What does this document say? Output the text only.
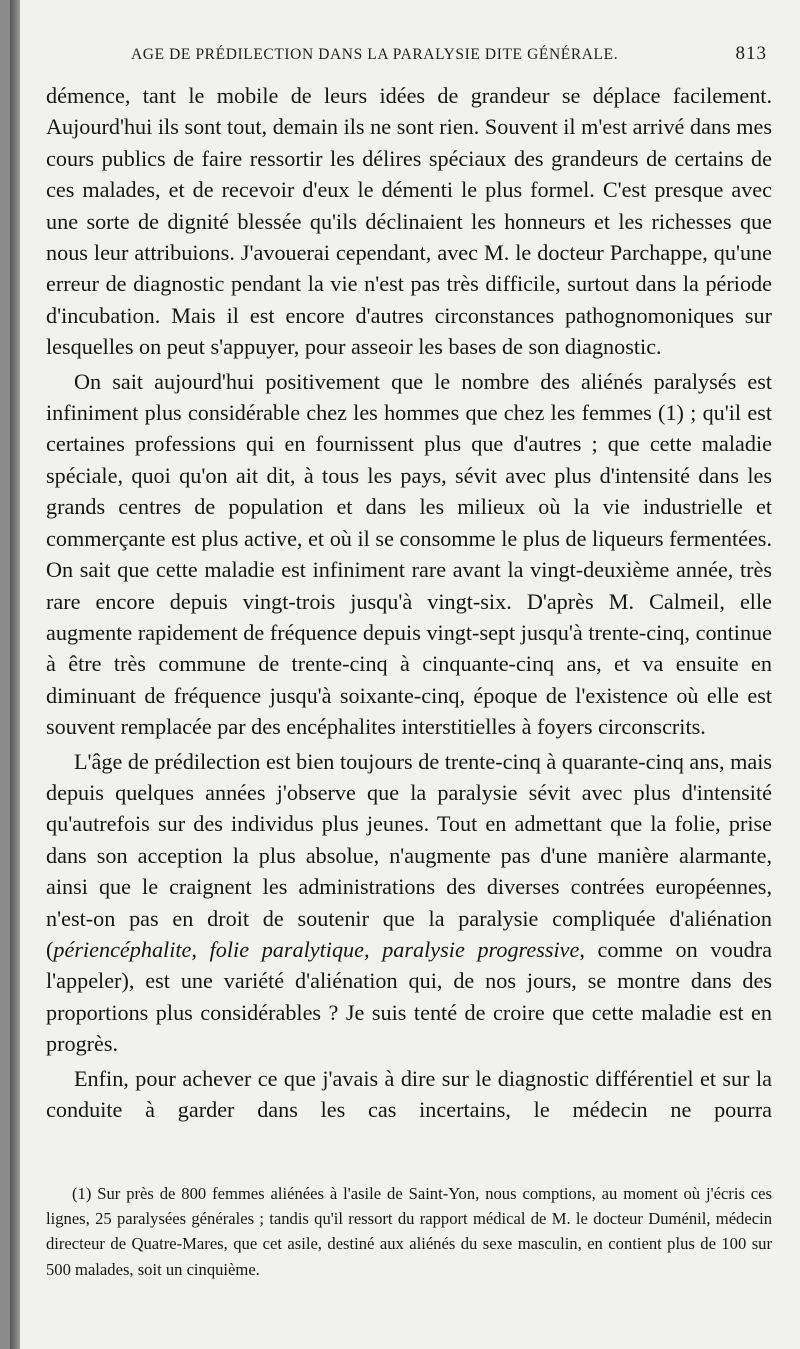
AGE DE PRÉDILECTION DANS LA PARALYSIE DITE GÉNÉRALE.	813

démence, tant le mobile de leurs idées de grandeur se déplace facilement. Aujourd'hui ils sont tout, demain ils ne sont rien. Souvent il m'est arrivé dans mes cours publics de faire ressortir les délires spéciaux des grandeurs de certains de ces malades, et de recevoir d'eux le démenti le plus formel. C'est presque avec une sorte de dignité blessée qu'ils déclinaient les honneurs et les richesses que nous leur attribuions. J'avouerai cependant, avec M. le docteur Parchappe, qu'une erreur de diagnostic pendant la vie n'est pas très difficile, surtout dans la période d'incubation. Mais il est encore d'autres circonstances pathognomoniques sur lesquelles on peut s'appuyer, pour asseoir les bases de son diagnostic.

On sait aujourd'hui positivement que le nombre des aliénés paralysés est infiniment plus considérable chez les hommes que chez les femmes (1) ; qu'il est certaines professions qui en fournissent plus que d'autres ; que cette maladie spéciale, quoi qu'on ait dit, à tous les pays, sévit avec plus d'intensité dans les grands centres de population et dans les milieux où la vie industrielle et commerçante est plus active, et où il se consomme le plus de liqueurs fermentées. On sait que cette maladie est infiniment rare avant la vingt-deuxième année, très rare encore depuis vingt-trois jusqu'à vingt-six. D'après M. Calmeil, elle augmente rapidement de fréquence depuis vingt-sept jusqu'à trente-cinq, continue à être très commune de trente-cinq à cinquante-cinq ans, et va ensuite en diminuant de fréquence jusqu'à soixante-cinq, époque de l'existence où elle est souvent remplacée par des encéphalites interstitielles à foyers circonscrits.

L'âge de prédilection est bien toujours de trente-cinq à quarante-cinq ans, mais depuis quelques années j'observe que la paralysie sévit avec plus d'intensité qu'autrefois sur des individus plus jeunes. Tout en admettant que la folie, prise dans son acception la plus absolue, n'augmente pas d'une manière alarmante, ainsi que le craignent les administrations des diverses contrées européennes, n'est-on pas en droit de soutenir que la paralysie compliquée d'aliénation (périencéphalite, folie paralytique, paralysie progressive, comme on voudra l'appeler), est une variété d'aliénation qui, de nos jours, se montre dans des proportions plus considérables ? Je suis tenté de croire que cette maladie est en progrès.

Enfin, pour achever ce que j'avais à dire sur le diagnostic différentiel et sur la conduite à garder dans les cas incertains, le médecin ne pourra

(1) Sur près de 800 femmes aliénées à l'asile de Saint-Yon, nous comptions, au moment où j'écris ces lignes, 25 paralysées générales ; tandis qu'il ressort du rapport médical de M. le docteur Duménil, médecin directeur de Quatre-Mares, que cet asile, destiné aux aliénés du sexe masculin, en contient plus de 100 sur 500 malades, soit un cinquième.
